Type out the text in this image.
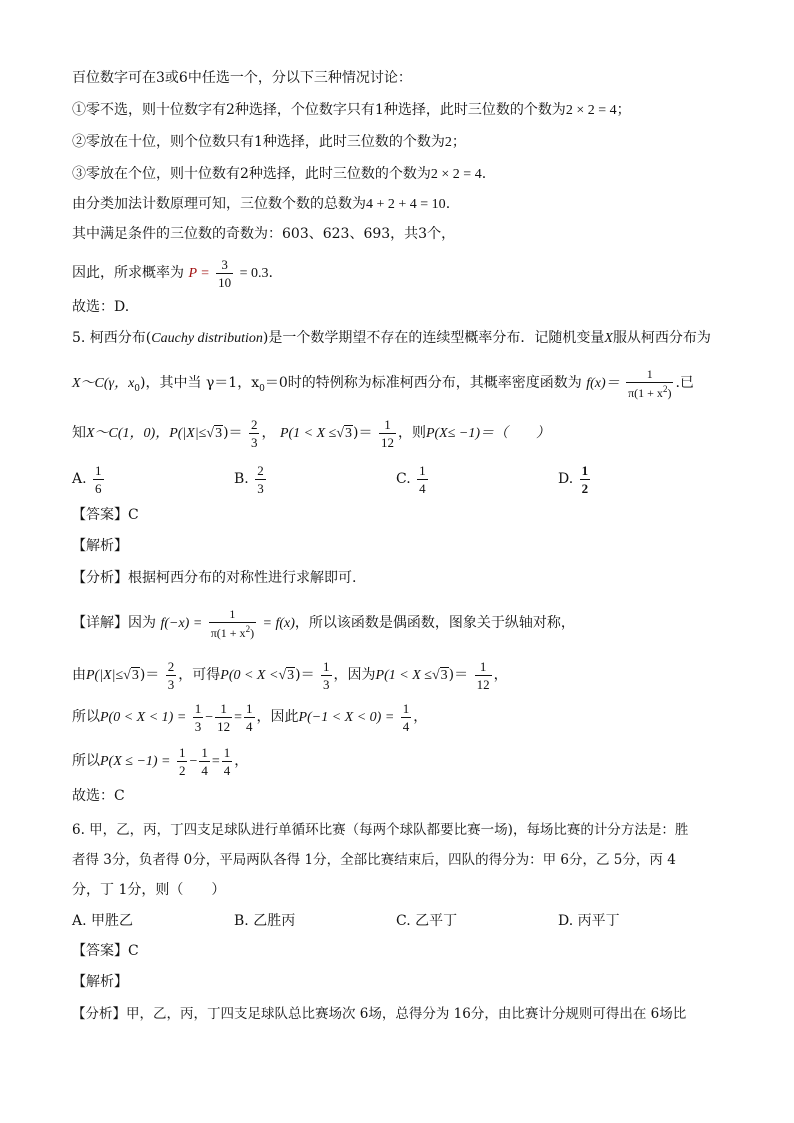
百位数字可在3或6中任选一个，分以下三种情况讨论：
①零不选，则十位数字有2种选择，个位数字只有1种选择，此时三位数的个数为2 × 2 = 4；
②零放在十位，则个位数只有1种选择，此时三位数的个数为2；
③零放在个位，则十位数有2种选择，此时三位数的个数为2 × 2 = 4.
由分类加法计数原理可知，三位数个数的总数为4 + 2 + 4 = 10.
其中满足条件的三位数的奇数为：603、623、693，共3个，
因此，所求概率为 $P = \frac{3}{10} = 0.3$.
故选：D.
5. 柯西分布(Cauchy distribution)是一个数学期望不存在的连续型概率分布．记随机变量X服从柯西分布为
X～C(γ，$x_0$)，其中当 γ＝1，$x_0=0$时的特例称为标准柯西分布，其概率密度函数为 $f(x)= \frac{1}{\pi(1 + x^2)}$ .已
知X～C(1，0)，$P(|X|\le√3)= \frac{2}{3}$ ， $P(1 < X \le√3)= \frac{1}{12}$ ，则P(X≤ −1)＝（　　）
A. $\frac{1}{6}$	B. $\frac{2}{3}$	C. $\frac{1}{4}$	D. $\frac{1}{2}$
【答案】C
【解析】
【分析】根据柯西分布的对称性进行求解即可.
【详解】因为 $f(-x) = \frac{1}{\pi(1 + x^2)} = f(x)$，所以该函数是偶函数，图象关于纵轴对称，
由$P(|X|\le√3)= \frac{2}{3}$ ，可得$P(0 < X <√3)= \frac{1}{3}$ ，因为$P(1 < X \le√3)= \frac{1}{12}$ ，
所以$P(0 < X < 1) = \frac{1}{3} - \frac{1}{12} = \frac{1}{4}$ ，因此$P(-1 < X < 0) = \frac{1}{4}$ ，
所以$P(X \le -1) = \frac{1}{2} - \frac{1}{4} = \frac{1}{4}$ ，
故选：C
6. 甲，乙，丙，丁四支足球队进行单循环比赛（每两个球队都要比赛一场)，每场比赛的计分方法是：胜
者得 3分，负者得 0分，平局两队各得 1分，全部比赛结束后，四队的得分为：甲 6分，乙 5分，丙 4
分，丁 1分，则（　　）
A. 甲胜乙	B. 乙胜丙	C. 乙平丁	D. 丙平丁
【答案】C
【解析】
【分析】甲，乙，丙，丁四支足球队总比赛场次 6场，总得分为 16分，由比赛计分规则可得出在 6场比
